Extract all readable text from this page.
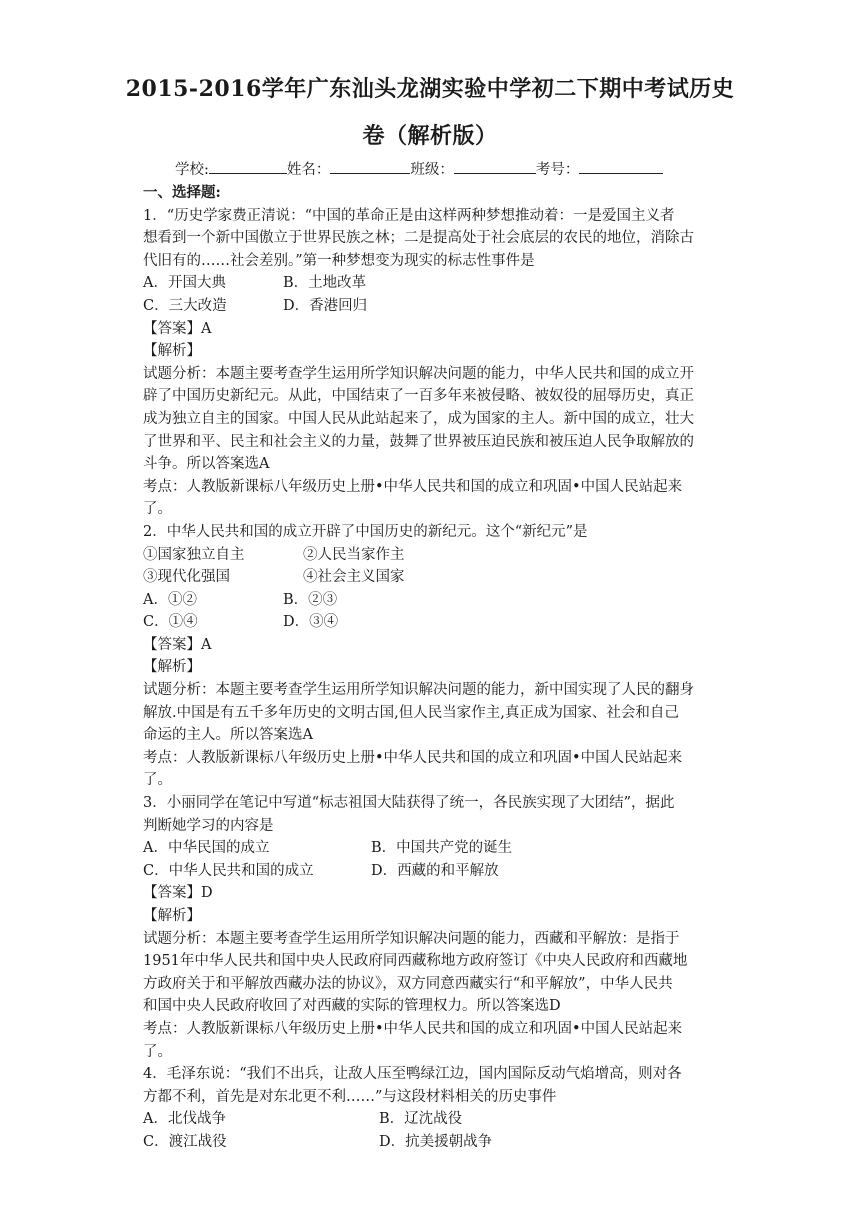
2015-2016学年广东汕头龙湖实验中学初二下期中考试历史
卷（解析版）
学校:	姓名：	班级：	考号：

一、选择题:

1．“历史学家费正清说：“中国的革命正是由这样两种梦想推动着：一是爱国主义者

想看到一个新中国傲立于世界民族之林；二是提高处于社会底层的农民的地位，消除古

代旧有的……社会差别。”第一种梦想变为现实的标志性事件是

A．开国大典	B．土地改革

C．三大改造	D．香港回归

【答案】A

【解析】

试题分析：本题主要考查学生运用所学知识解决问题的能力，中华人民共和国的成立开

辟了中国历史新纪元。从此，中国结束了一百多年来被侵略、被奴役的屈辱历史，真正

成为独立自主的国家。中国人民从此站起来了，成为国家的主人。新中国的成立，壮大

了世界和平、民主和社会主义的力量，鼓舞了世界被压迫民族和被压迫人民争取解放的

斗争。所以答案选A

考点：人教版新课标八年级历史上册•中华人民共和国的成立和巩固•中国人民站起来

了。

2．中华人民共和国的成立开辟了中国历史的新纪元。这个“新纪元”是

①国家独立自主	②人民当家作主

③现代化强国	④社会主义国家

A．①②	B．②③

C．①④	D．③④

【答案】A

【解析】

试题分析：本题主要考查学生运用所学知识解决问题的能力，新中国实现了人民的翻身

解放.中国是有五千多年历史的文明古国,但人民当家作主,真正成为国家、社会和自己

命运的主人。所以答案选A

考点：人教版新课标八年级历史上册•中华人民共和国的成立和巩固•中国人民站起来

了。

3．小丽同学在笔记中写道“标志祖国大陆获得了统一，各民族实现了大团结”，据此

判断她学习的内容是

A．中华民国的成立	B．中国共产党的诞生

C．中华人民共和国的成立	D．西藏的和平解放

【答案】D

【解析】

试题分析：本题主要考查学生运用所学知识解决问题的能力，西藏和平解放：是指于

1951年中华人民共和国中央人民政府同西藏称地方政府签订《中央人民政府和西藏地

方政府关于和平解放西藏办法的协议》，双方同意西藏实行“和平解放”，中华人民共

和国中央人民政府收回了对西藏的实际的管理权力。所以答案选D

考点：人教版新课标八年级历史上册•中华人民共和国的成立和巩固•中国人民站起来

了。

4．毛泽东说：“我们不出兵，让敌人压至鸭绿江边，国内国际反动气焰增高，则对各

方都不利，首先是对东北更不利……”与这段材料相关的历史事件

A．北伐战争	B．辽沈战役

C．渡江战役	D．抗美援朝战争
